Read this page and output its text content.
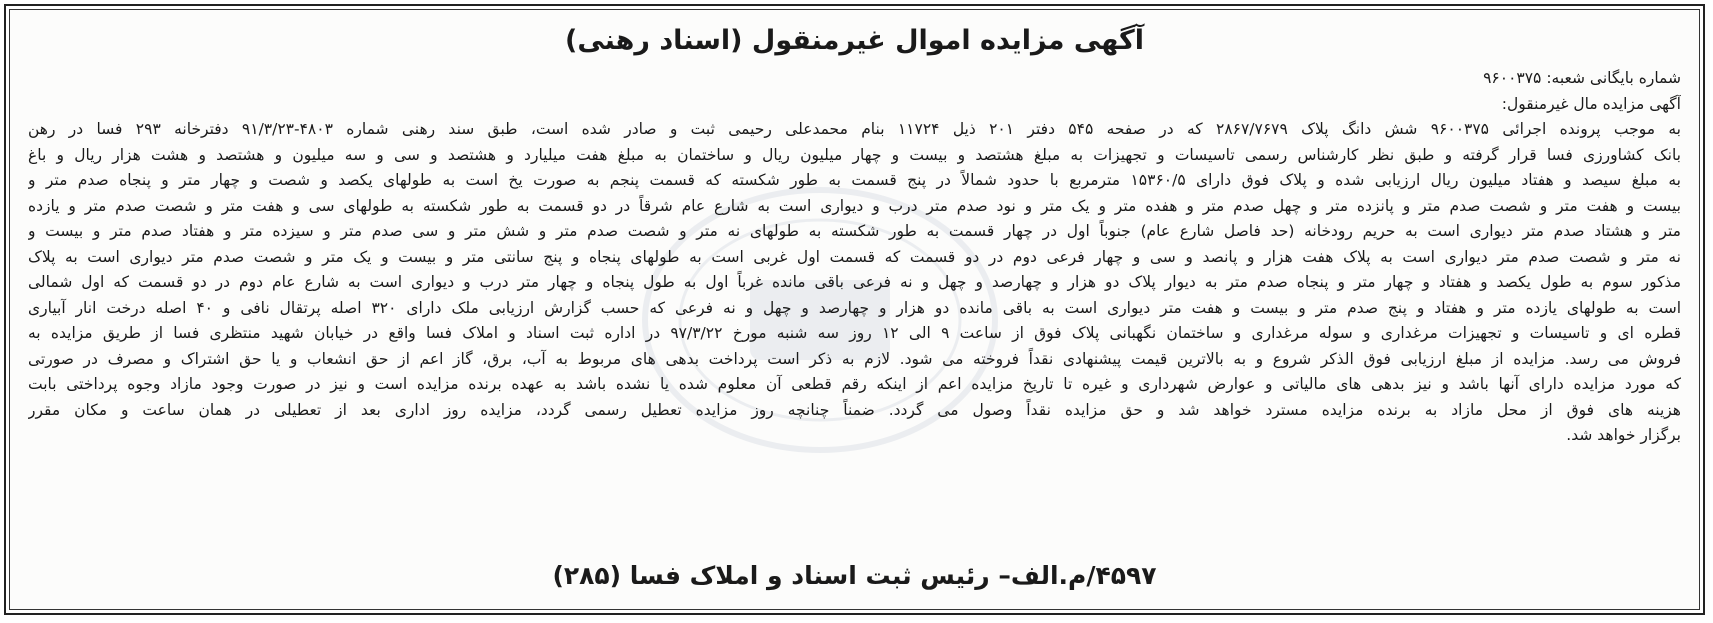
آگهی مزایده اموال غیرمنقول (اسناد رهنی)
شماره بایگانی شعبه: ۹۶۰۰۳۷۵
آگهی مزایده مال غیرمنقول:
به موجب پرونده اجرائی ۹۶۰۰۳۷۵ شش دانگ پلاک ۲۸۶۷/۷۶۷۹ که در صفحه ۵۴۵ دفتر ۲۰۱ ذیل ۱۱۷۲۴ بنام محمدعلی رحیمی ثبت و صادر شده است، طبق سند رهنی شماره ۴۸۰۳-۹۱/۳/۲۳ دفترخانه ۲۹۳ فسا در رهن
بانک کشاورزی فسا قرار گرفته و طبق نظر کارشناس رسمی تاسیسات و تجهیزات به مبلغ هشتصد و بیست و چهار میلیون ریال و ساختمان به مبلغ هفت میلیارد و هشتصد و سی و سه میلیون و هشتصد و هشت هزار ریال و باغ
به مبلغ سیصد و هفتاد میلیون ریال ارزیابی شده و پلاک فوق دارای ۱۵۳۶۰/۵ مترمربع با حدود شمالاً در پنج قسمت به طور شکسته که قسمت پنجم به صورت یخ است به طولهای یکصد و شصت و چهار متر و پنجاه صدم متر و
بیست و هفت متر و شصت صدم متر و پانزده متر و چهل صدم متر و هفده متر و یک متر و نود صدم متر درب و دیواری است به شارع عام شرقاً در دو قسمت به طور شکسته به طولهای سی و هفت متر و شصت صدم متر و یازده
متر و هشتاد صدم متر دیواری است به حریم رودخانه (حد فاصل شارع عام) جنوباً اول در چهار قسمت به طور شکسته به طولهای نه متر و شصت صدم متر و شش متر و سی صدم متر و سیزده متر و هفتاد صدم متر و بیست و
نه متر و شصت صدم متر دیواری است به پلاک هفت هزار و پانصد و سی و چهار فرعی دوم در دو قسمت که قسمت اول غربی است به طولهای پنجاه و پنج سانتی متر و بیست و یک متر و شصت صدم متر دیواری است به پلاک
مذکور سوم به طول یکصد و هفتاد و چهار متر و پنجاه صدم متر به دیوار پلاک دو هزار و چهارصد و چهل و نه فرعی باقی مانده غرباً اول به طول پنجاه و چهار متر درب و دیواری است به شارع عام دوم در دو قسمت که اول شمالی
است به طولهای یازده متر و هفتاد و پنج صدم متر و بیست و هفت متر دیواری است به باقی مانده دو هزار و چهارصد و چهل و نه فرعی که حسب گزارش ارزیابی ملک دارای ۳۲۰ اصله پرتقال نافی و ۴۰ اصله درخت انار آبیاری
قطره ای و تاسیسات و تجهیزات مرغداری و سوله مرغداری و ساختمان نگهبانی پلاک فوق از ساعت ۹ الی ۱۲ روز سه شنبه مورخ ۹۷/۳/۲۲ در اداره ثبت اسناد و املاک فسا واقع در خیابان شهید منتظری فسا از طریق مزایده به
فروش می رسد. مزایده از مبلغ ارزیابی فوق الذکر شروع و به بالاترین قیمت پیشنهادی نقداً فروخته می شود. لازم به ذکر است پرداخت بدهی های مربوط به آب، برق، گاز اعم از حق انشعاب و یا حق اشتراک و مصرف در صورتی
که مورد مزایده دارای آنها باشد و نیز بدهی های مالیاتی و عوارض شهرداری و غیره تا تاریخ مزایده اعم از اینکه رقم قطعی آن معلوم شده یا نشده باشد به عهده برنده مزایده است و نیز در صورت وجود مازاد وجوه پرداختی بابت
هزینه های فوق از محل مازاد به برنده مزایده مسترد خواهد شد و حق مزایده نقداً وصول می گردد. ضمناً چنانچه روز مزایده تعطیل رسمی گردد، مزایده روز اداری بعد از تعطیلی در همان ساعت و مکان مقرر
برگزار خواهد شد.
۴۵۹۷/م.الف– رئیس ثبت اسناد و املاک فسا (۲۸۵)
